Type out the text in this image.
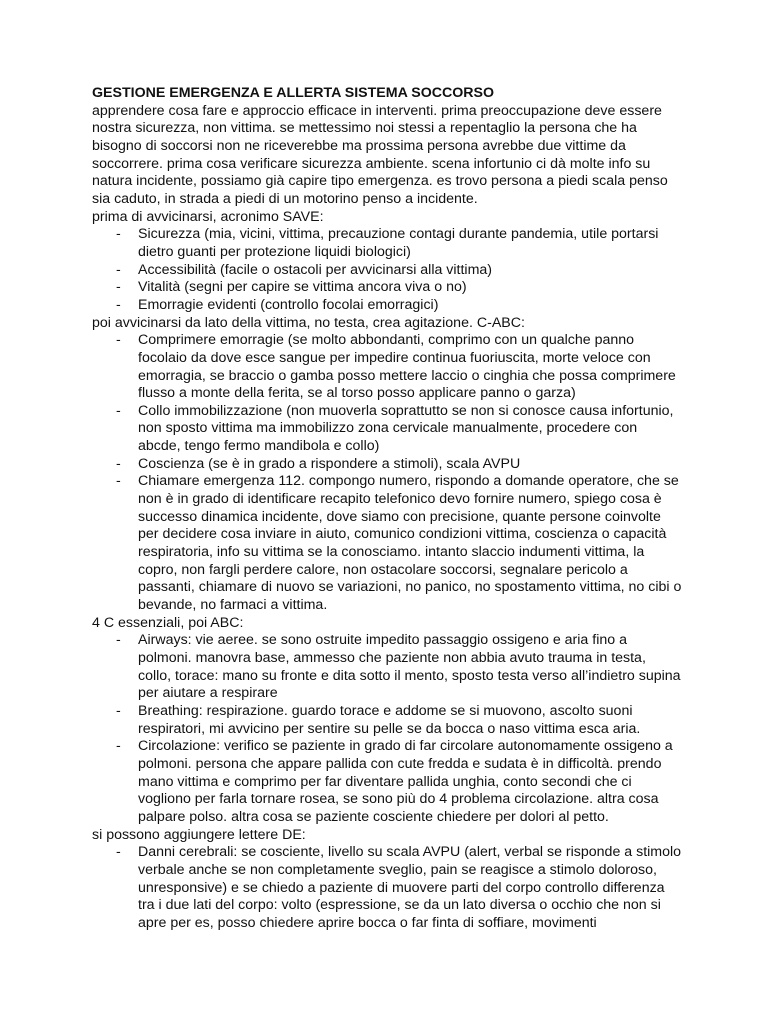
GESTIONE EMERGENZA E ALLERTA SISTEMA SOCCORSO

apprendere cosa fare e approccio efficace in interventi. prima preoccupazione deve essere nostra sicurezza, non vittima. se mettessimo noi stessi a repentaglio la persona che ha bisogno di soccorsi non ne riceverebbe ma prossima persona avrebbe due vittime da soccorrere. prima cosa verificare sicurezza ambiente. scena infortunio ci dà molte info su natura incidente, possiamo già capire tipo emergenza. es trovo persona a piedi scala penso sia caduto, in strada a piedi di un motorino penso a incidente.

prima di avvicinarsi, acronimo SAVE:

- Sicurezza (mia, vicini, vittima, precauzione contagi durante pandemia, utile portarsi dietro guanti per protezione liquidi biologici)
- Accessibilità (facile o ostacoli per avvicinarsi alla vittima)
- Vitalità (segni per capire se vittima ancora viva o no)
- Emorragie evidenti (controllo focolai emorragici)

poi avvicinarsi da lato della vittima, no testa, crea agitazione. C-ABC:

- Comprimere emorragie (se molto abbondanti, comprimo con un qualche panno focolaio da dove esce sangue per impedire continua fuoriuscita, morte veloce con emorragia, se braccio o gamba posso mettere laccio o cinghia che possa comprimere flusso a monte della ferita, se al torso posso applicare panno o garza)
- Collo immobilizzazione (non muoverla soprattutto se non si conosce causa infortunio, non sposto vittima ma immobilizzo zona cervicale manualmente, procedere con abcde, tengo fermo mandibola e collo)
- Coscienza (se è in grado a rispondere a stimoli), scala AVPU
- Chiamare emergenza 112. compongo numero, rispondo a domande operatore, che se non è in grado di identificare recapito telefonico devo fornire numero, spiego cosa è successo dinamica incidente, dove siamo con precisione, quante persone coinvolte per decidere cosa inviare in aiuto, comunico condizioni vittima, coscienza o capacità respiratoria, info su vittima se la conosciamo. intanto slaccio indumenti vittima, la copro, non fargli perdere calore, non ostacolare soccorsi, segnalare pericolo a passanti, chiamare di nuovo se variazioni, no panico, no spostamento vittima, no cibi o bevande, no farmaci a vittima.

4 C essenziali, poi ABC:

- Airways: vie aeree. se sono ostruite impedito passaggio ossigeno e aria fino a polmoni. manovra base, ammesso che paziente non abbia avuto trauma in testa, collo, torace: mano su fronte e dita sotto il mento, sposto testa verso all’indietro supina per aiutare a respirare
- Breathing: respirazione. guardo torace e addome se si muovono, ascolto suoni respiratori, mi avvicino per sentire su pelle se da bocca o naso vittima esca aria.
- Circolazione: verifico se paziente in grado di far circolare autonomamente ossigeno a polmoni. persona che appare pallida con cute fredda e sudata è in difficoltà. prendo mano vittima e comprimo per far diventare pallida unghia, conto secondi che ci vogliono per farla tornare rosea, se sono più do 4 problema circolazione. altra cosa palpare polso. altra cosa se paziente cosciente chiedere per dolori al petto.

si possono aggiungere lettere DE:

- Danni cerebrali: se cosciente, livello su scala AVPU (alert, verbal se risponde a stimolo verbale anche se non completamente sveglio, pain se reagisce a stimolo doloroso, unresponsive) e se chiedo a paziente di muovere parti del corpo controllo differenza tra i due lati del corpo: volto (espressione, se da un lato diversa o occhio che non si apre per es, posso chiedere aprire bocca o far finta di soffiare, movimenti
